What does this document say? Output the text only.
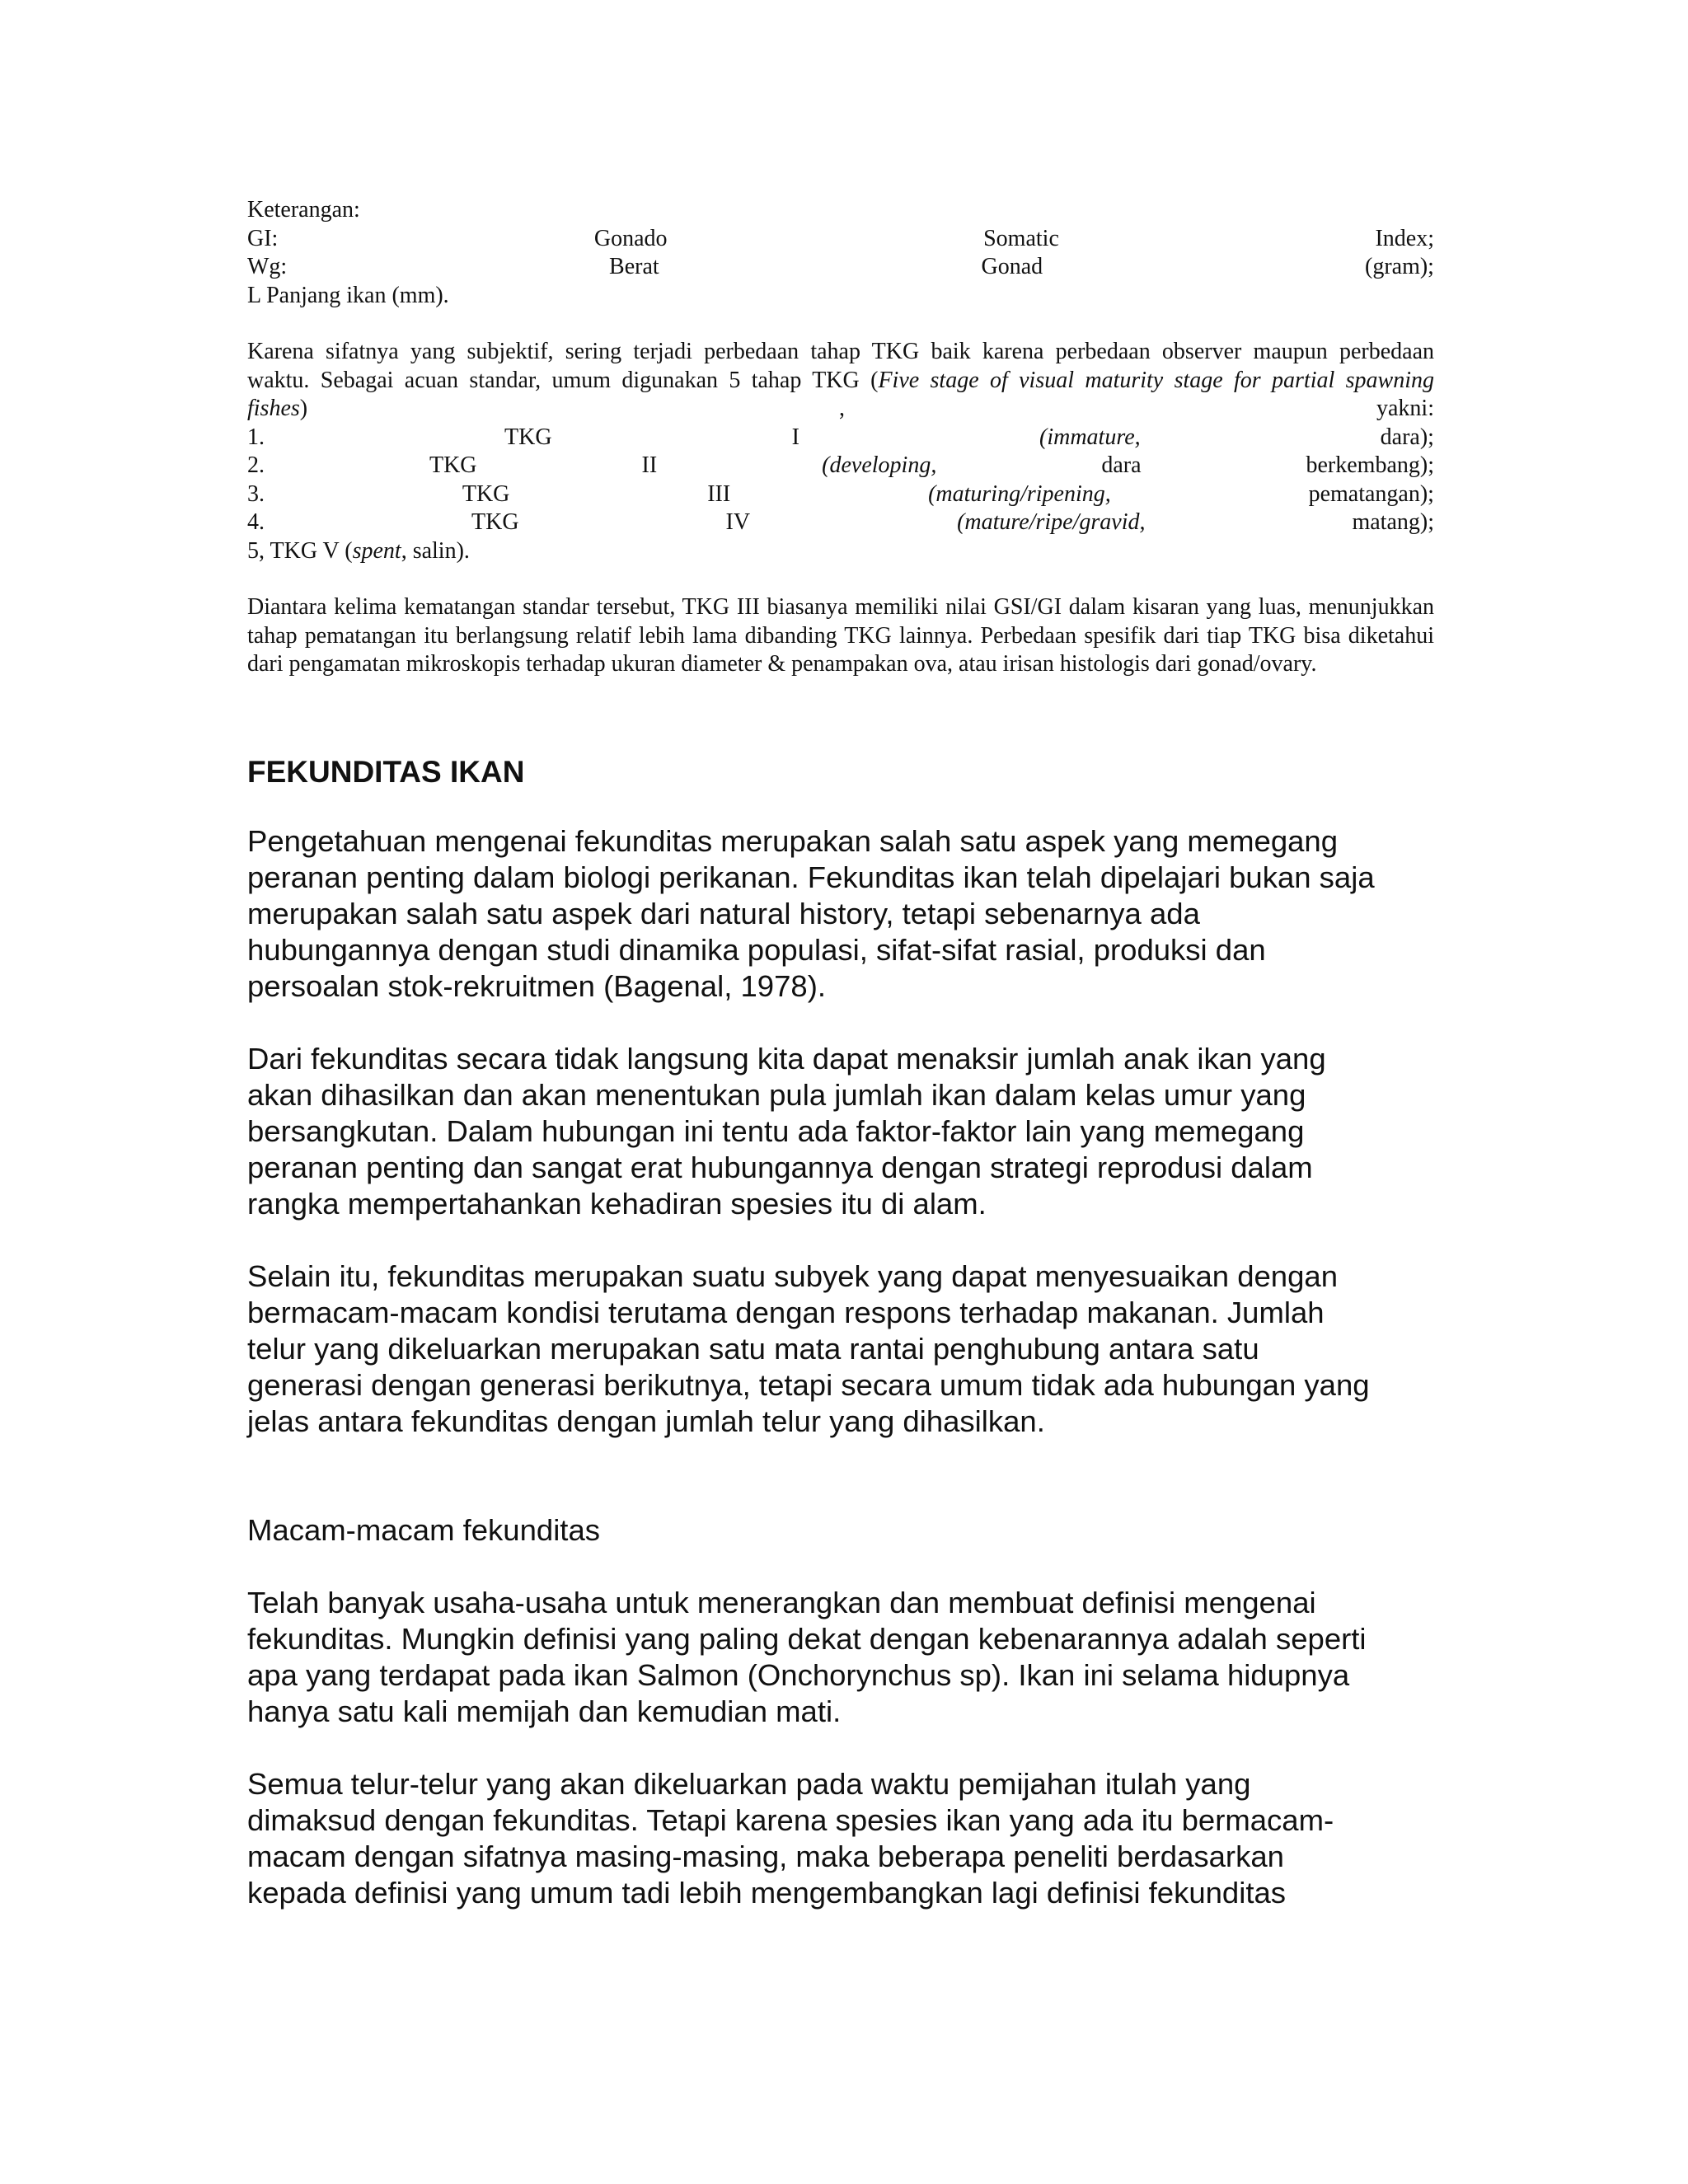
Keterangan:
GI:	Gonado	Somatic	Index;
Wg:	Berat	Gonad	(gram);
L Panjang ikan (mm).
Karena sifatnya yang subjektif, sering terjadi perbedaan tahap TKG baik karena perbedaan observer maupun perbedaan
waktu. Sebagai acuan standar, umum digunakan 5 tahap TKG (Five stage of visual maturity stage for partial spawning
fishes)	,	yakni:
1.	TKG	I	(immature,	dara);
2.	TKG	II	(developing,	dara	berkembang);
3.	TKG	III	(maturing/ripening,	pematangan);
4.	TKG	IV	(mature/ripe/gravid,	matang);
5, TKG V (spent, salin).

Diantara kelima kematangan standar tersebut, TKG III biasanya memiliki nilai GSI/GI dalam kisaran yang luas, menunjukkan tahap pematangan itu berlangsung relatif lebih lama dibanding TKG lainnya. Perbedaan spesifik dari tiap TKG bisa diketahui dari pengamatan mikroskopis terhadap ukuran diameter & penampakan ova, atau irisan histologis dari gonad/ovary.

FEKUNDITAS IKAN
Pengetahuan mengenai fekunditas merupakan salah satu aspek yang memegang
peranan penting dalam biologi perikanan. Fekunditas ikan telah dipelajari bukan saja
merupakan salah satu aspek dari natural history, tetapi sebenarnya ada
hubungannya dengan studi dinamika populasi, sifat-sifat rasial, produksi dan
persoalan stok-rekruitmen (Bagenal, 1978).
Dari fekunditas secara tidak langsung kita dapat menaksir jumlah anak ikan yang
akan dihasilkan dan akan menentukan pula jumlah ikan dalam kelas umur yang
bersangkutan. Dalam hubungan ini tentu ada faktor-faktor lain yang memegang
peranan penting dan sangat erat hubungannya dengan strategi reprodusi dalam
rangka mempertahankan kehadiran spesies itu di alam.
Selain itu, fekunditas merupakan suatu subyek yang dapat menyesuaikan dengan
bermacam-macam kondisi terutama dengan respons terhadap makanan. Jumlah
telur yang dikeluarkan merupakan satu mata rantai penghubung antara satu
generasi dengan generasi berikutnya, tetapi secara umum tidak ada hubungan yang
jelas antara fekunditas dengan jumlah telur yang dihasilkan.
Macam-macam fekunditas
Telah banyak usaha-usaha untuk menerangkan dan membuat definisi mengenai
fekunditas. Mungkin definisi yang paling dekat dengan kebenarannya adalah seperti
apa yang terdapat pada ikan Salmon (Onchorynchus sp). Ikan ini selama hidupnya
hanya satu kali memijah dan kemudian mati.
Semua telur-telur yang akan dikeluarkan pada waktu pemijahan itulah yang
dimaksud dengan fekunditas. Tetapi karena spesies ikan yang ada itu bermacam-
macam dengan sifatnya masing-masing, maka beberapa peneliti berdasarkan
kepada definisi yang umum tadi lebih mengembangkan lagi definisi fekunditas
